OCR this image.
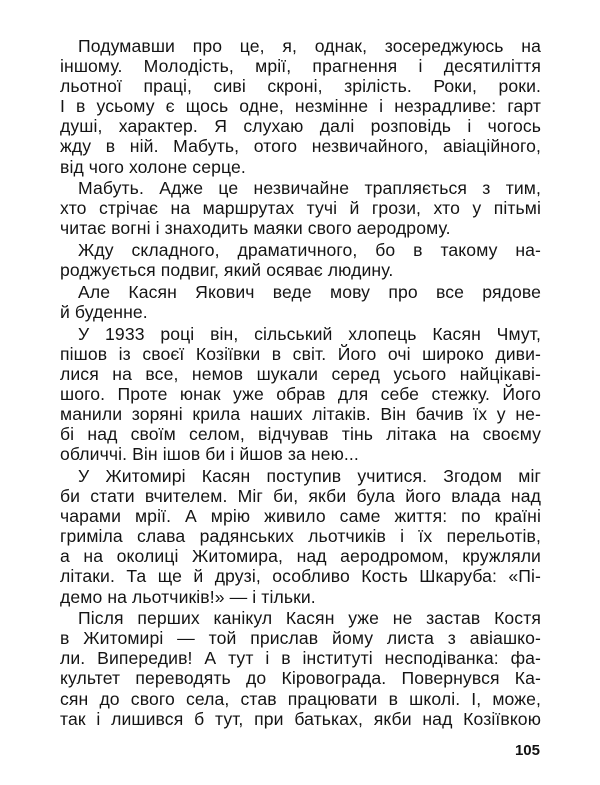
Подумавши про це, я, однак, зосереджуюсь на
іншому. Молодість, мрії, прагнення і десятиліття
льотної праці, сиві скроні, зрілість. Роки, роки.
І в усьому є щось одне, незмінне і незрадливе: гарт
душі, характер. Я слухаю далі розповідь і чогось
жду в ній. Мабуть, отого незвичайного, авіаційного,
від чого холоне серце.
Мабуть. Адже це незвичайне трапляється з тим,
хто стрічає на маршрутах тучі й грози, хто у пітьмі
читає вогні і знаходить маяки свого аеродрому.
Жду складного, драматичного, бо в такому на-
роджується подвиг, який осяває людину.
Але Касян Якович веде мову про все рядове
й буденне.
У 1933 році він, сільський хлопець Касян Чмут,
пішов із своєї Козіївки в світ. Його очі широко диви-
лися на все, немов шукали серед усього найцікаві-
шого. Проте юнак уже обрав для себе стежку. Його
манили зоряні крила наших літаків. Він бачив їх у не-
бі над своїм селом, відчував тінь літака на своєму
обличчі. Він ішов би і йшов за нею...
У Житомирі Касян поступив учитися. Згодом міг
би стати вчителем. Міг би, якби була його влада над
чарами мрії. А мрію живило саме життя: по країні
гриміла слава радянських льотчиків і їх перельотів,
а на околиці Житомира, над аеродромом, кружляли
літаки. Та ще й друзі, особливо Кость Шкаруба: «Пі-
демо на льотчиків!» — і тільки.
Після перших канікул Касян уже не застав Костя
в Житомирі — той прислав йому листа з авіашко-
ли. Випередив! А тут і в інституті несподіванка: фа-
культет переводять до Кіровограда. Повернувся Ка-
сян до свого села, став працювати в школі. І, може,
так і лишився б тут, при батьках, якби над Козіївкою
105
